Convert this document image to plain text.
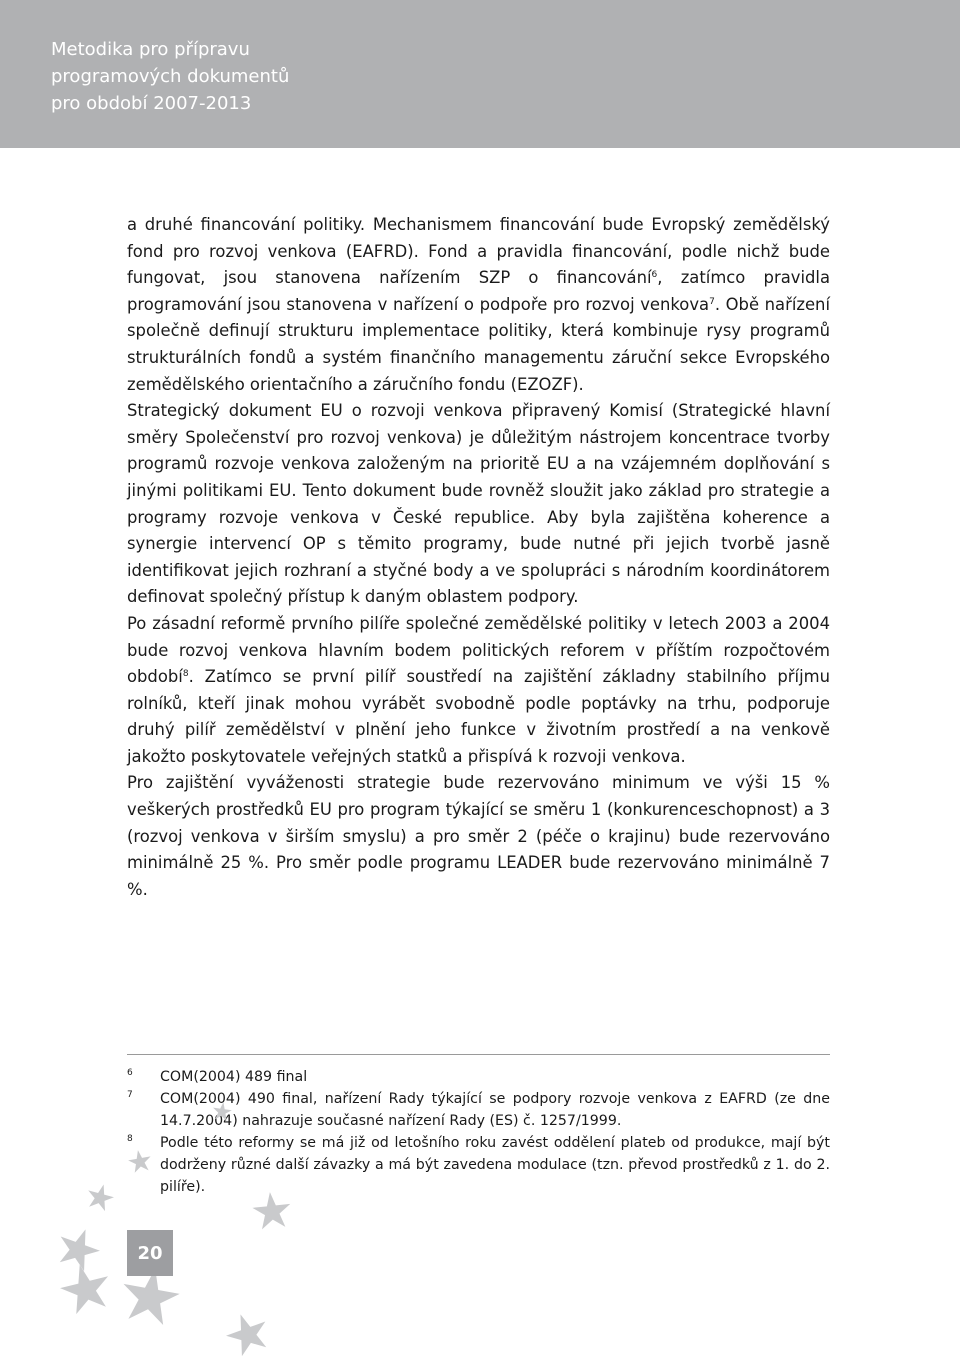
Metodika pro přípravu
programových dokumentů
pro období 2007-2013

a druhé financování politiky. Mechanismem financování bude Evropský zemědělský fond pro rozvoj venkova (EAFRD). Fond a pravidla financování, podle nichž bude fungovat, jsou stanovena nařízením SZP o financování$^6$, zatímco pravidla programování jsou stanovena v nařízení o podpoře pro rozvoj venkova$^7$. Obě nařízení společně definují strukturu implementace politiky, která kombinuje rysy programů strukturálních fondů a systém finančního managementu záruční sekce Evropského zemědělského orientačního a záručního fondu (EZOZF).

Strategický dokument EU o rozvoji venkova připravený Komisí (Strategické hlavní směry Společenství pro rozvoj venkova) je důležitým nástrojem koncentrace tvorby programů rozvoje venkova založeným na prioritě EU a na vzájemném doplňování s jinými politikami EU. Tento dokument bude rovněž sloužit jako základ pro strategie a programy rozvoje venkova v České republice. Aby byla zajištěna koherence a synergie intervencí OP s těmito programy, bude nutné při jejich tvorbě jasně identifikovat jejich rozhraní a styčné body a ve spolupráci s národním koordinátorem definovat společný přístup k daným oblastem podpory.

Po zásadní reformě prvního pilíře společné zemědělské politiky v letech 2003 a 2004 bude rozvoj venkova hlavním bodem politických reforem v příštím rozpočtovém období$^8$. Zatímco se první pilíř soustředí na zajištění základny stabilního příjmu rolníků, kteří jinak mohou vyrábět svobodně podle poptávky na trhu, podporuje druhý pilíř zemědělství v plnění jeho funkce v životním prostředí a na venkově jakožto poskytovatele veřejných statků a přispívá k rozvoji venkova.

Pro zajištění vyváženosti strategie bude rezervováno minimum ve výši 15 % veškerých prostředků EU pro program týkající se směru 1 (konkurenceschopnost) a 3 (rozvoj venkova v širším smyslu) a pro směr 2 (péče o krajinu) bude rezervováno minimálně 25 %. Pro směr podle programu LEADER bude rezervováno minimálně 7 %.

6 COM(2004) 489 final
7 COM(2004) 490 final, nařízení Rady týkající se podpory rozvoje venkova z EAFRD (ze dne 14.7.2004) nahrazuje současné nařízení Rady (ES) č. 1257/1999.
8 Podle této reformy se má již od letošního roku zavést oddělení plateb od produkce, mají být dodrženy různé další závazky a má být zavedena modulace (tzn. převod prostředků z 1. do 2. pilíře).
20
